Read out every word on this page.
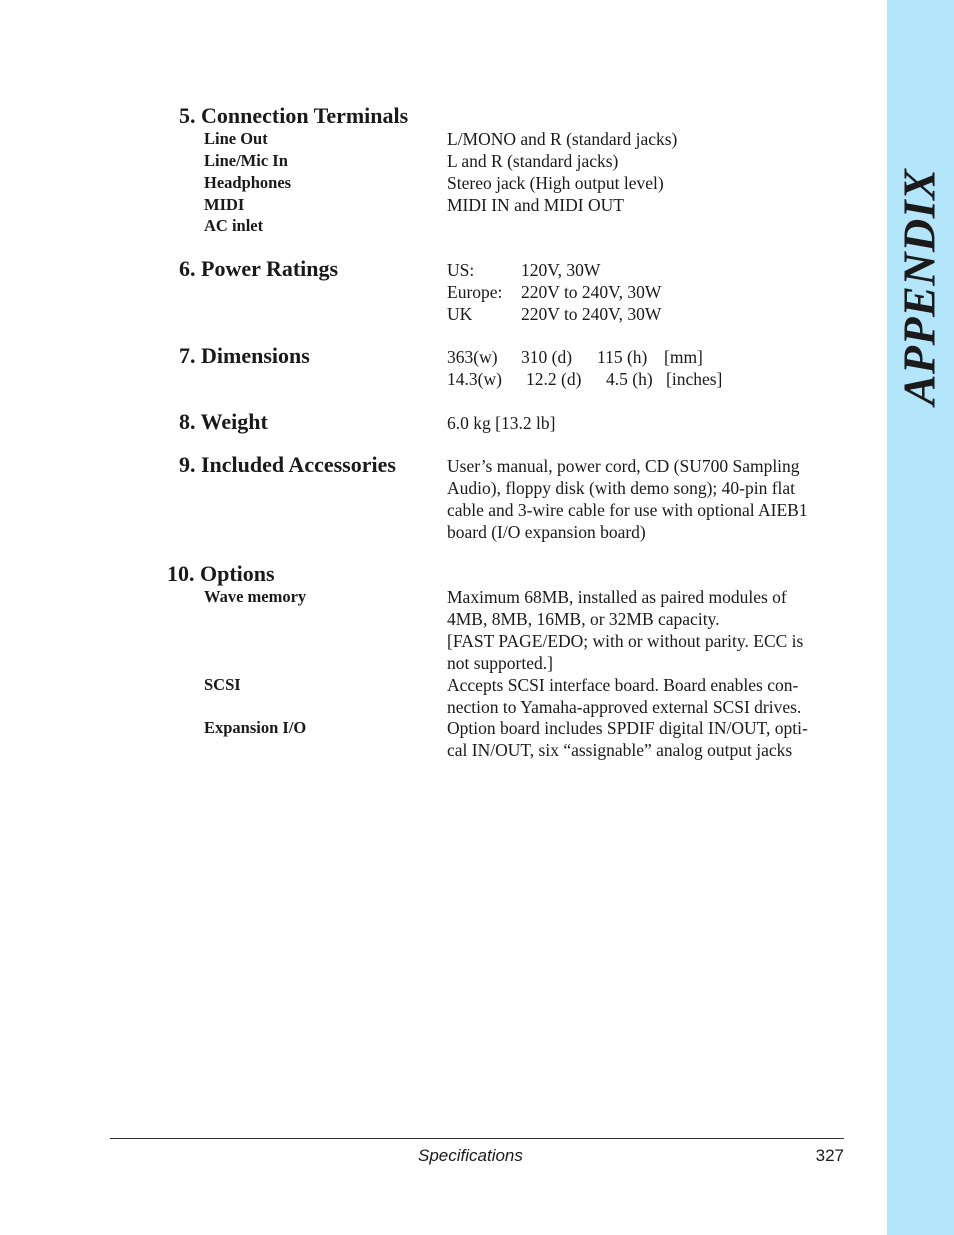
APPENDIX
5. Connection Terminals
Line Out	L/MONO and R (standard jacks)
Line/Mic In	L and R (standard jacks)
Headphones	Stereo jack (High output level)
MIDI	MIDI IN and MIDI OUT
AC inlet
6. Power Ratings	US:	120V, 30W
Europe: 220V to 240V, 30W
UK	220V to 240V, 30W
7. Dimensions	363(w) 310 (d) 115 (h) [mm]
14.3(w) 12.2 (d) 4.5 (h) [inches]
8. Weight	6.0 kg [13.2 lb]
9. Included Accessories	User’s manual, power cord, CD (SU700 Sampling
Audio), floppy disk (with demo song); 40-pin flat
cable and 3-wire cable for use with optional AIEB1
board (I/O expansion board)
10. Options
Wave memory	Maximum 68MB, installed as paired modules of
4MB, 8MB, 16MB, or 32MB capacity.
[FAST PAGE/EDO; with or without parity. ECC is
not supported.]
SCSI	Accepts SCSI interface board. Board enables con-
nection to Yamaha-approved external SCSI drives.
Expansion I/O	Option board includes SPDIF digital IN/OUT, opti-
cal IN/OUT, six “assignable” analog output jacks
Specifications	327
